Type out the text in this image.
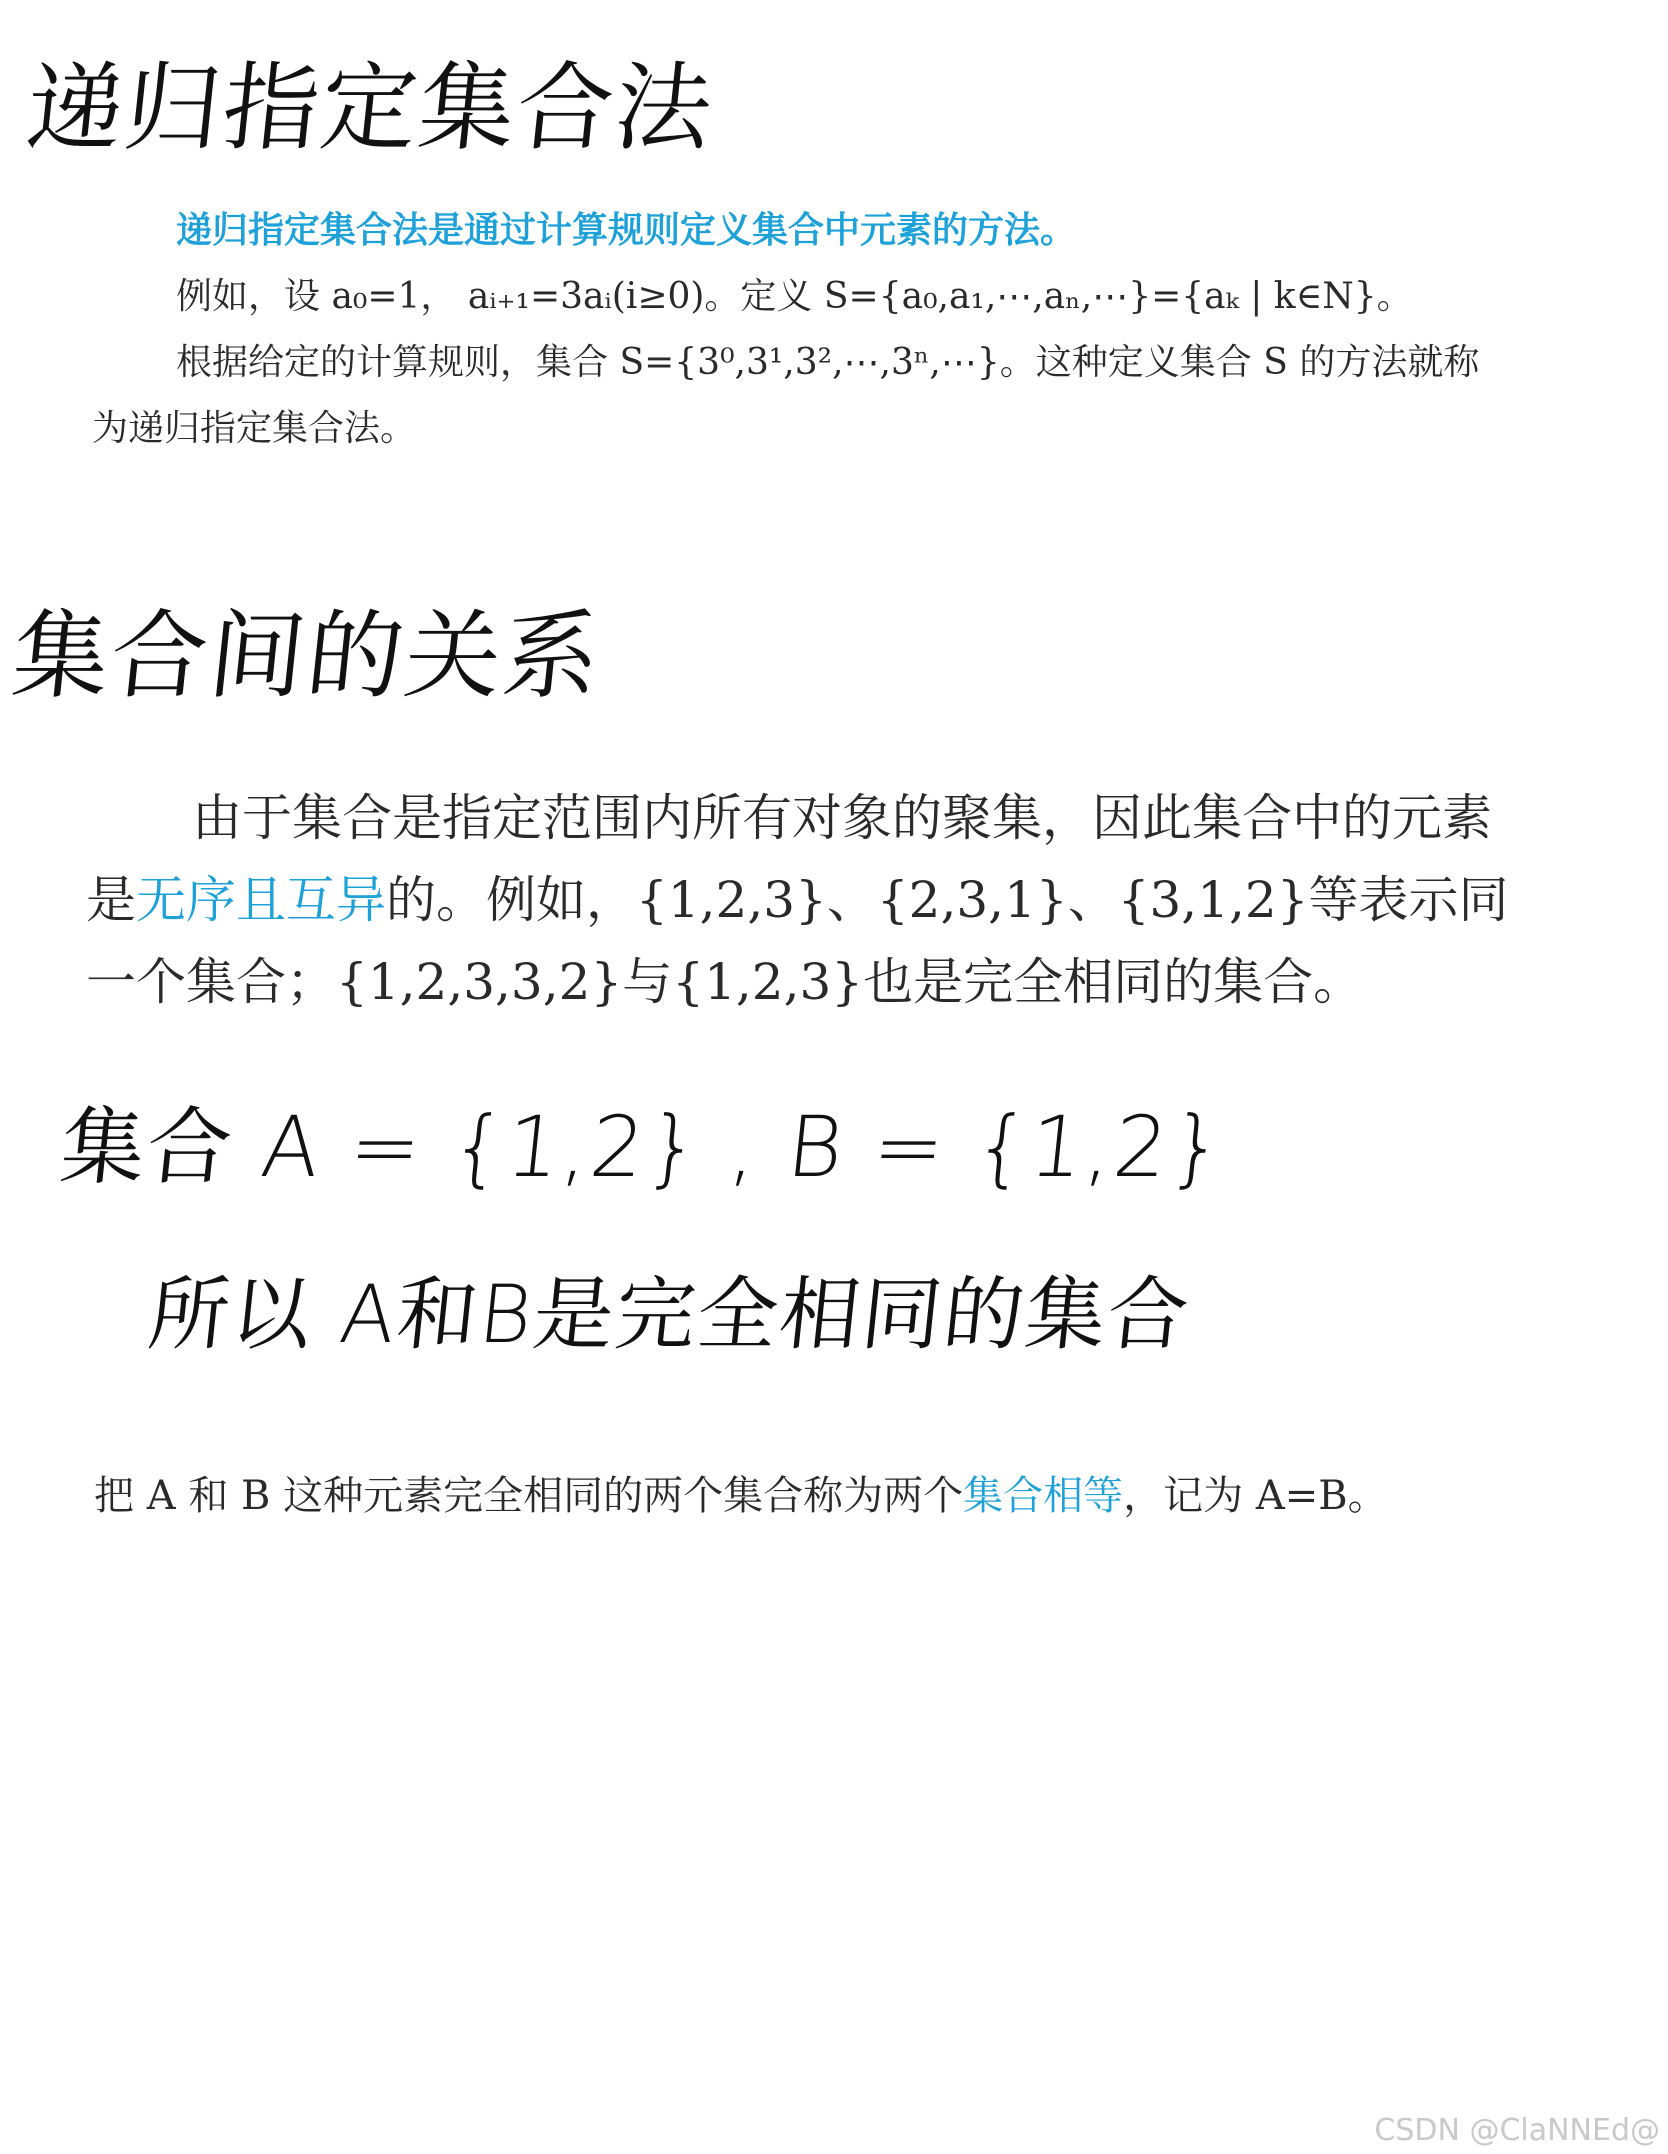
递归指定集合法
递归指定集合法是通过计算规则定义集合中元素的方法。
例如，设 a₀=1， aᵢ₊₁=3aᵢ(i≥0)。定义 S={a₀,a₁,⋯,aₙ,⋯}={aₖ | k∈N}。
根据给定的计算规则，集合 S={3⁰,3¹,3²,⋯,3ⁿ,⋯}。这种定义集合 S 的方法就称
为递归指定集合法。
集合间的关系
由于集合是指定范围内所有对象的聚集，因此集合中的元素
是无序且互异的。例如，{1,2,3}、{2,3,1}、{3,1,2}等表示同
一个集合；{1,2,3,3,2}与{1,2,3}也是完全相同的集合。
集合 A = {1,2} , B = {1,2}
所以 A和B是完全相同的集合
把 A 和 B 这种元素完全相同的两个集合称为两个集合相等，记为 A=B。
CSDN @ClaNNEd@
